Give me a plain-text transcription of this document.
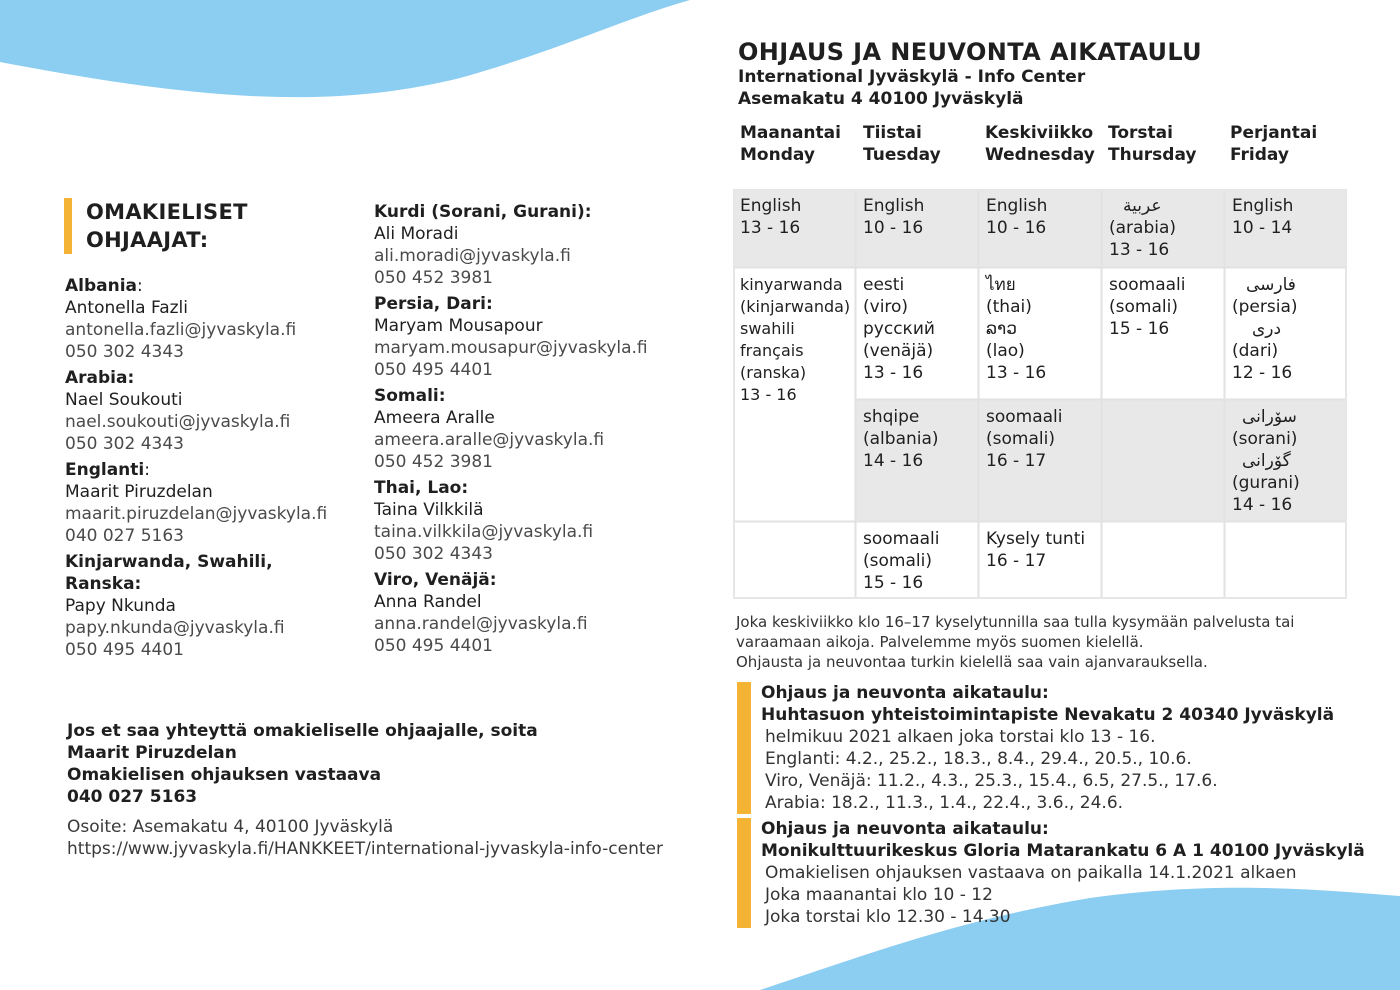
OMAKIELISET
OHJAAJAT:
Albania:
Antonella Fazli
antonella.fazli@jyvaskyla.fi
050 302 4343
Arabia:
Nael Soukouti
nael.soukouti@jyvaskyla.fi
050 302 4343
Englanti:
Maarit Piruzdelan
maarit.piruzdelan@jyvaskyla.fi
040 027 5163
Kinjarwanda, Swahili, Ranska:
Papy Nkunda
papy.nkunda@jyvaskyla.fi
050 495 4401
Kurdi (Sorani, Gurani):
Ali Moradi
ali.moradi@jyvaskyla.fi
050 452 3981
Persia, Dari:
Maryam Mousapour
maryam.mousapur@jyvaskyla.fi
050 495 4401
Somali:
Ameera Aralle
ameera.aralle@jyvaskyla.fi
050 452 3981
Thai, Lao:
Taina Vilkkilä
taina.vilkkila@jyvaskyla.fi
050 302 4343
Viro, Venäjä:
Anna Randel
anna.randel@jyvaskyla.fi
050 495 4401
Jos et saa yhteyttä omakieliselle ohjaajalle, soita
Maarit Piruzdelan
Omakielisen ohjauksen vastaava
040 027 5163
Osoite: Asemakatu 4, 40100 Jyväskylä
https://www.jyvaskyla.fi/HANKKEET/international-jyvaskyla-info-center
OHJAUS JA NEUVONTA AIKATAULU
International Jyväskylä - Info Center
Asemakatu 4 40100 Jyväskylä
Maanantai
Monday
Tiistai
Tuesday
Keskiviikko
Wednesday
Torstai
Thursday
Perjantai
Friday
English
13 - 16
English
10 - 16
English
10 - 16
عربية
(arabia)
13 - 16
English
10 - 14
kinyarwanda
(kinjarwanda)
swahili
français
(ranska)
13 - 16
eesti
(viro)
русский
(venäjä)
13 - 16
ไทย
(thai)
ລາວ
(lao)
13 - 16
soomaali
(somali)
15 - 16
فارسی
(persia)
دری
(dari)
12 - 16
shqipe
(albania)
14 - 16
soomaali
(somali)
16 - 17
سۆرانی
(sorani)
گۆرانی
(gurani)
14 - 16
soomaali
(somali)
15 - 16
Kysely tunti
16 - 17
Joka keskiviikko klo 16–17 kyselytunnilla saa tulla kysymään palvelusta tai
varaamaan aikoja. Palvelemme myös suomen kielellä.
Ohjausta ja neuvontaa turkin kielellä saa vain ajanvarauksella.
Ohjaus ja neuvonta aikataulu:
Huhtasuon yhteistoimintapiste Nevakatu 2 40340 Jyväskylä
helmikuu 2021 alkaen joka torstai klo 13 - 16.
Englanti: 4.2., 25.2., 18.3., 8.4., 29.4., 20.5., 10.6.
Viro, Venäjä: 11.2., 4.3., 25.3., 15.4., 6.5, 27.5., 17.6.
Arabia: 18.2., 11.3., 1.4., 22.4., 3.6., 24.6.
Ohjaus ja neuvonta aikataulu:
Monikulttuurikeskus Gloria Matarankatu 6 A 1 40100 Jyväskylä
Omakielisen ohjauksen vastaava on paikalla 14.1.2021 alkaen
Joka maanantai klo 10 - 12
Joka torstai klo 12.30 - 14.30
